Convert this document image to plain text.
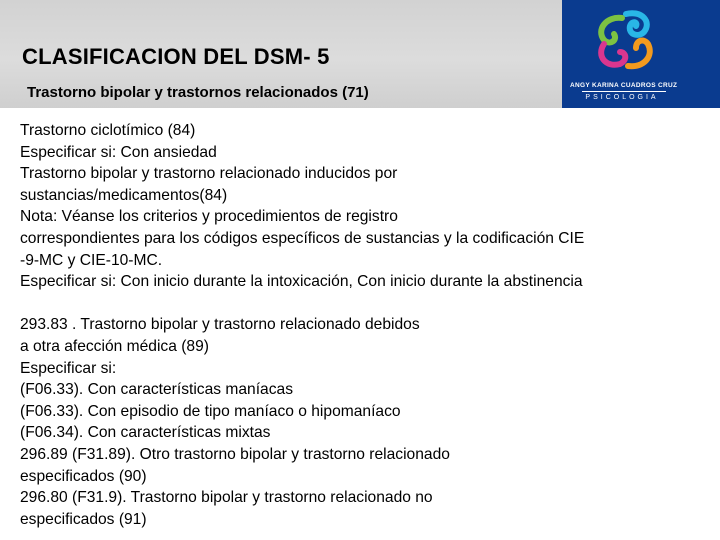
CLASIFICACION DEL DSM- 5
Trastorno bipolar y trastornos relacionados (71)	ANGY KARINA CUADROS CRUZ
PSICOLOGIA
Trastorno ciclotímico (84)
Especificar si: Con ansiedad
Trastorno bipolar y trastorno relacionado inducidos por
sustancias/medicamentos(84)
Nota: Véanse los criterios y procedimientos de registro
correspondientes para los códigos específicos de sustancias y la codificación CIE
-9-MC y CIE-10-MC.
Especificar si: Con inicio durante la intoxicación, Con inicio durante la abstinencia
293.83 . Trastorno bipolar y trastorno relacionado debidos
a otra afección médica (89)
Especificar si:
(F06.33). Con características maníacas
(F06.33). Con episodio de tipo maníaco o hipomaníaco
(F06.34). Con características mixtas
296.89 (F31.89). Otro trastorno bipolar y trastorno relacionado
especificados (90)
296.80 (F31.9). Trastorno bipolar y trastorno relacionado no
especificados (91)
